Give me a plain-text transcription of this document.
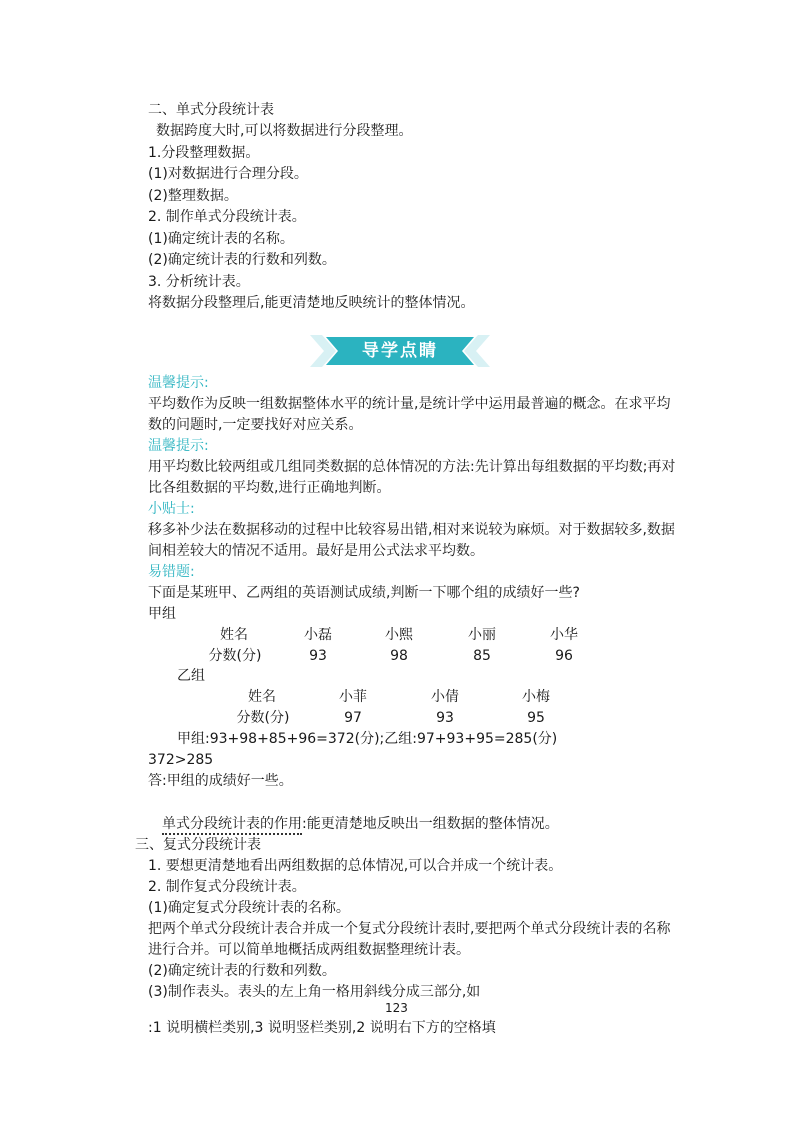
二、单式分段统计表
数据跨度大时,可以将数据进行分段整理。
1.分段整理数据。
(1)对数据进行合理分段。
(2)整理数据。
2. 制作单式分段统计表。
(1)确定统计表的名称。
(2)确定统计表的行数和列数。
3. 分析统计表。
将数据分段整理后,能更清楚地反映统计的整体情况。
导学点睛
温馨提示:
平均数作为反映一组数据整体水平的统计量,是统计学中运用最普遍的概念。在求平均
数的问题时,一定要找好对应关系。
温馨提示:
用平均数比较两组或几组同类数据的总体情况的方法:先计算出每组数据的平均数;再对
比各组数据的平均数,进行正确地判断。
小贴士:
移多补少法在数据移动的过程中比较容易出错,相对来说较为麻烦。对于数据较多,数据
间相差较大的情况不适用。最好是用公式法求平均数。
易错题:
下面是某班甲、乙两组的英语测试成绩,判断一下哪个组的成绩好一些?
甲组
姓名	小磊	小熙	小丽	小华
分数(分)	93	98	85	96
乙组
姓名	小菲	小倩	小梅
分数(分)	97	93	95
甲组:93+98+85+96=372(分);乙组:97+93+95=285(分)
372>285
答:甲组的成绩好一些。
单式分段统计表的作用:能更清楚地反映出一组数据的整体情况。
三、复式分段统计表
1. 要想更清楚地看出两组数据的总体情况,可以合并成一个统计表。
2. 制作复式分段统计表。
(1)确定复式分段统计表的名称。
把两个单式分段统计表合并成一个复式分段统计表时,要把两个单式分段统计表的名称
进行合并。可以简单地概括成两组数据整理统计表。
(2)确定统计表的行数和列数。
(3)制作表头。表头的左上角一格用斜线分成三部分,如
123
:1 说明横栏类别,3 说明竖栏类别,2 说明右下方的空格填
